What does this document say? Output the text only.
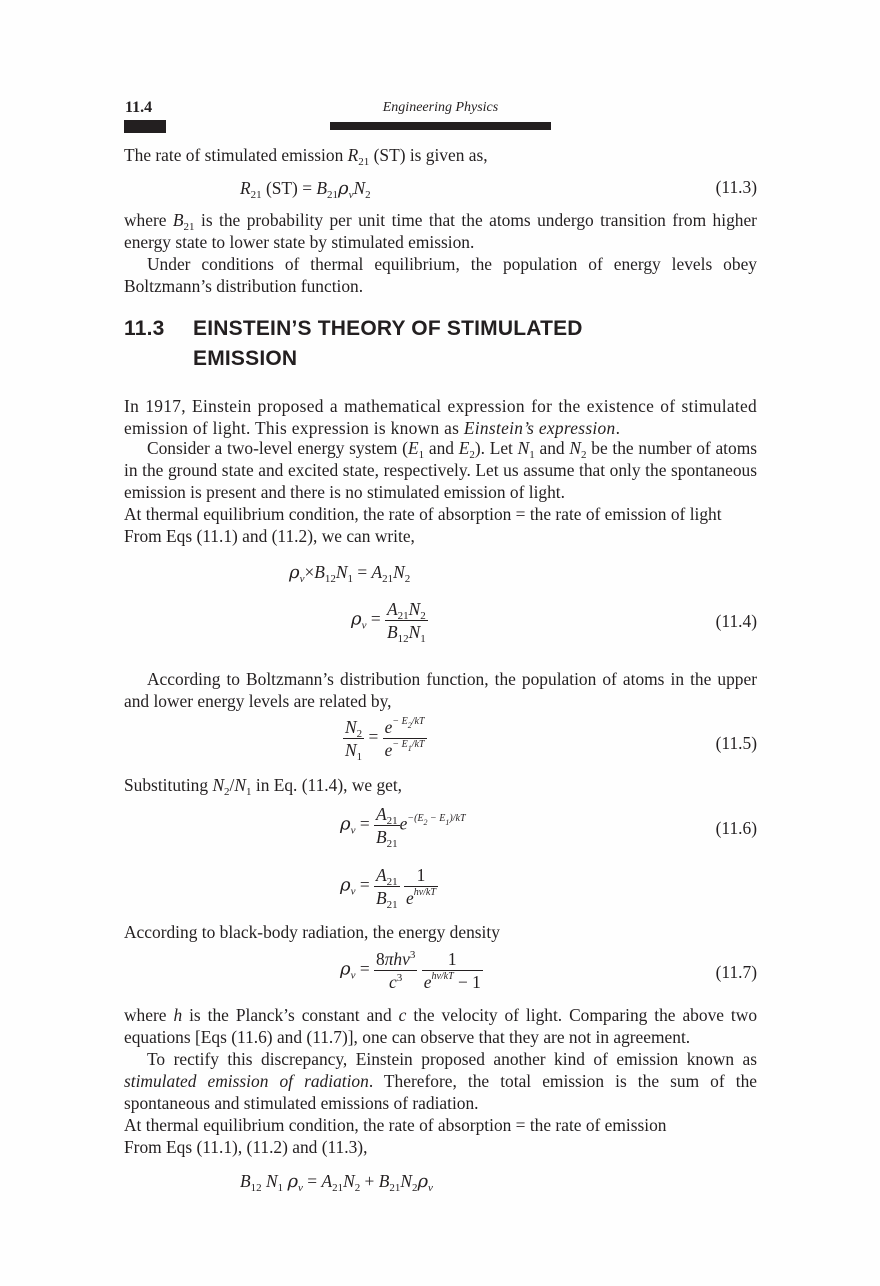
11.4	Engineering Physics
The rate of stimulated emission $R_{21}$ (ST) is given as,
$R_{21}$ $(ST) = B_{21}\rho_\nu N_2$	(11.3)
where $B_{21}$ is the probability per unit time that the atoms undergo transition from higher energy state to lower state by stimulated emission.
Under conditions of thermal equilibrium, the population of energy levels obey Boltzmann’s distribution function.
11.3 EINSTEIN’S THEORY OF STIMULATED
EMISSION
In 1917, Einstein proposed a mathematical expression for the existence of stimulated emission of light. This expression is known as Einstein’s expression.
Consider a two-level energy system ($E_1$ and $E_2$). Let $N_1$ and $N_2$ be the number of atoms in the ground state and excited state, respectively. Let us assume that only the spontaneous emission is present and there is no stimulated emission of light.
At thermal equilibrium condition, the rate of absorption = the rate of emission of light
From Eqs (11.1) and (11.2), we can write,
$\rho_\nu\times B_{12}N_1 = A_{21}N_2$
$\rho_\nu = \frac{A_{21}N_2}{B_{12}N_1}$	(11.4)
According to Boltzmann’s distribution function, the population of atoms in the upper and lower energy levels are related by,
$\frac{N_2}{N_1} = \frac{e^{- E_2/kT}}{e^{- E_1/kT}}$	(11.5)
Substituting $N_2/N_1$ in Eq. (11.4), we get,
$\rho_\nu = \frac{A_{21}}{B_{21}} e^{-(E_2 - E_1)/kT}$	(11.6)
$\rho_\nu = \frac{A_{21}}{B_{21}}$
$\frac{1}{e^{h\nu/kT}}$
According to black-body radiation, the energy density
$\rho_\nu = \frac{8\pi h\nu^3}{c^3}$
$\frac{1}{e^{h\nu/kT} - 1}$	(11.7)
where h is the Planck’s constant and c the velocity of light. Comparing the above two equations [Eqs (11.6) and (11.7)], one can observe that they are not in agreement.
To rectify this discrepancy, Einstein proposed another kind of emission known as stimulated emission of radiation. Therefore, the total emission is the sum of the spontaneous and stimulated emissions of radiation.
At thermal equilibrium condition, the rate of absorption = the rate of emission
From Eqs (11.1), (11.2) and (11.3),
$B_{12}$ $N_1$ $\rho_\nu = A_{21}N_2 + B_{21}N_2\rho_\nu$
